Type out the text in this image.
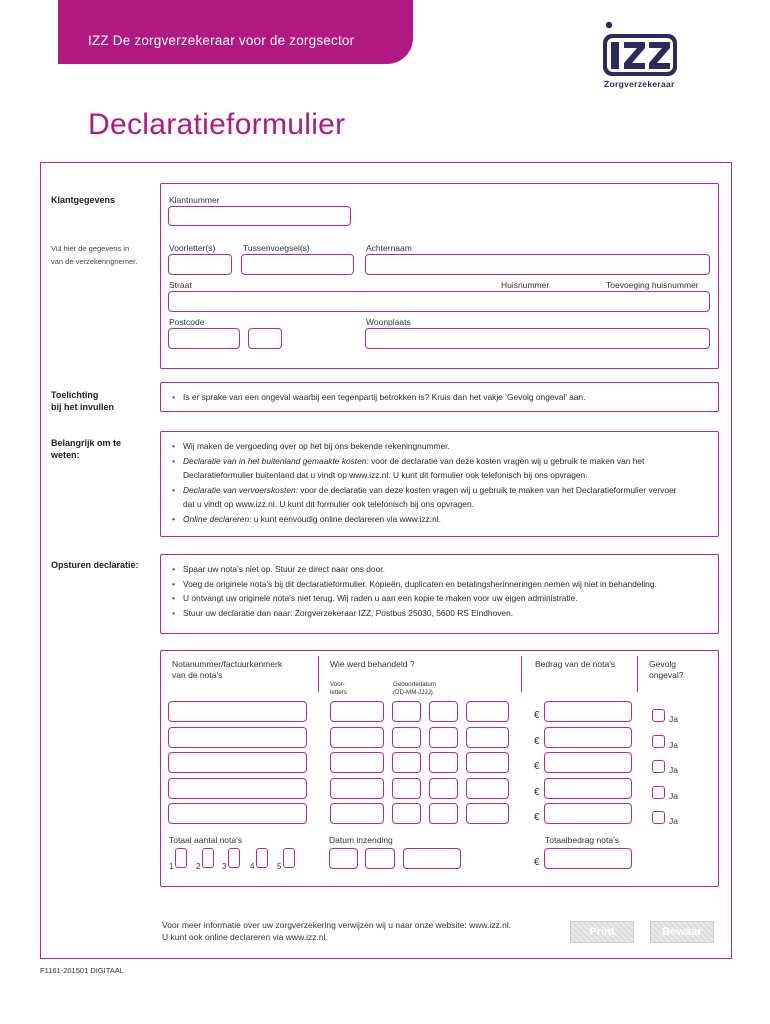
IZZ De zorgverzekeraar voor de zorgsector
Zorgverzekeraar
Declaratieformulier
Klantgegevens
Vul hier de gegevens in
van de verzekeringnemer.
Klantnummer
Voorletter(s)	Tussenvoegsel(s)	Achternaam
Straat	Huisnummer	Toevoeging huisnummer
Postcode	Woonplaats
Toelichting
bij het invullen
• Is er sprake van een ongeval waarbij een tegenpartij betrokken is? Kruis dan het vakje ‘Gevolg ongeval’ aan.
Belangrijk om te
weten:
• Wij maken de vergoeding over op het bij ons bekende rekeningnummer.
• Declaratie van in het buitenland gemaakte kosten: voor de declaratie van deze kosten vragen wij u gebruik te maken van het
Declaratieformulier buitenland dat u vindt op www.izz.nl. U kunt dit formulier ook telefonisch bij ons opvragen.
• Declaratie van vervoerskosten: voor de declaratie van deze kosten vragen wij u gebruik te maken van het Declaratieformulier vervoer
dat u vindt op www.izz.nl. U kunt dit formulier ook telefonisch bij ons opvragen.
• Online declareren: u kunt eenvoudig online declareren via www.izz.nl.
Opsturen declaratie:	• Spaar uw nota’s niet op. Stuur ze direct naar ons door.
• Voeg de originele nota’s bij dit declaratieformulier. Kopieën, duplicaten en betalingsherinneringen nemen wij niet in behandeling.
• U ontvangt uw originele nota’s niet terug. Wij raden u aan een kopie te maken voor uw eigen administratie.
• Stuur uw declaratie dan naar: Zorgverzekeraar IZZ, Postbus 25030, 5600 RS Eindhoven.
Notanummer/factuurkenmerk
van de nota’s
Wie werd behandeld ?
Voor-
letters
Geboortedatum
(DD-MM-JJJJ)
Bedrag van de nota’s	Gevolg
ongeval?
€	Ja
€	Ja
€	Ja
€	Ja
€	Ja
Totaal aantal nota’s	Datum inzending	Totaalbedrag nota’s
1	2	3	4	5	€
Voor meer informatie over uw zorgverzekering verwijzen wij u naar onze website: www.izz.nl.
U kunt ook online declareren via www.izz.nl.	Print	Bewaar
F1161-201501 DIGITAAL
